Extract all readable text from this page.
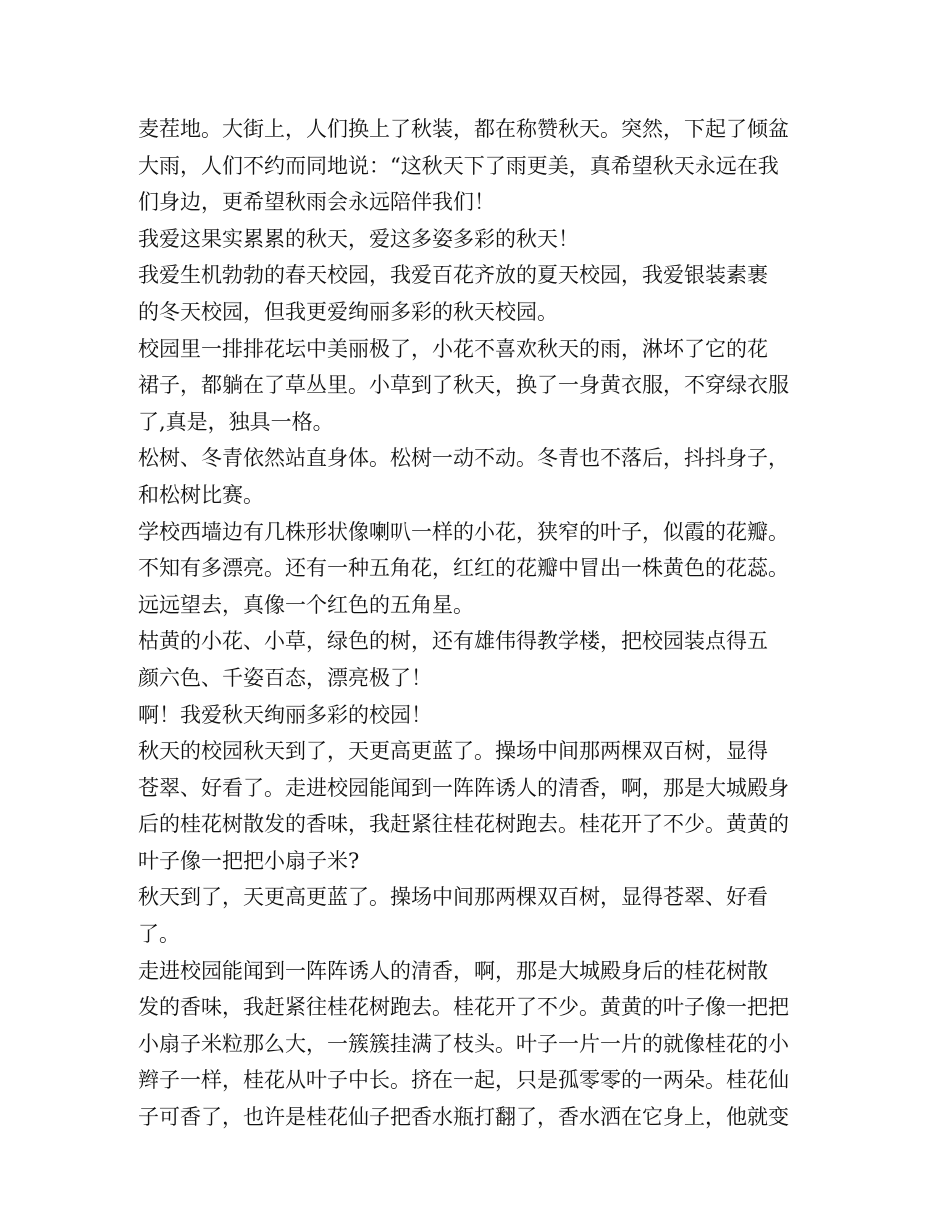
麦茬地。大街上，人们换上了秋装，都在称赞秋天。突然，下起了倾盆
大雨，人们不约而同地说：“这秋天下了雨更美，真希望秋天永远在我
们身边，更希望秋雨会永远陪伴我们！
我爱这果实累累的秋天，爱这多姿多彩的秋天！
我爱生机勃勃的春天校园，我爱百花齐放的夏天校园，我爱银装素裹
的冬天校园，但我更爱绚丽多彩的秋天校园。
校园里一排排花坛中美丽极了，小花不喜欢秋天的雨，淋坏了它的花
裙子，都躺在了草丛里。小草到了秋天，换了一身黄衣服，不穿绿衣服
了,真是，独具一格。
松树、冬青依然站直身体。松树一动不动。冬青也不落后，抖抖身子，
和松树比赛。
学校西墙边有几株形状像喇叭一样的小花，狭窄的叶子，似霞的花瓣。
不知有多漂亮。还有一种五角花，红红的花瓣中冒出一株黄色的花蕊。
远远望去，真像一个红色的五角星。
枯黄的小花、小草，绿色的树，还有雄伟得教学楼，把校园装点得五
颜六色、千姿百态，漂亮极了！
啊！我爱秋天绚丽多彩的校园！
秋天的校园秋天到了，天更高更蓝了。操场中间那两棵双百树，显得
苍翠、好看了。走进校园能闻到一阵阵诱人的清香，啊，那是大城殿身
后的桂花树散发的香味，我赶紧往桂花树跑去。桂花开了不少。黄黄的
叶子像一把把小扇子米?
秋天到了，天更高更蓝了。操场中间那两棵双百树，显得苍翠、好看
了。
走进校园能闻到一阵阵诱人的清香，啊，那是大城殿身后的桂花树散
发的香味，我赶紧往桂花树跑去。桂花开了不少。黄黄的叶子像一把把
小扇子米粒那么大，一簇簇挂满了枝头。叶子一片一片的就像桂花的小
辫子一样，桂花从叶子中长。挤在一起，只是孤零零的一两朵。桂花仙
子可香了，也许是桂花仙子把香水瓶打翻了，香水洒在它身上，他就变
